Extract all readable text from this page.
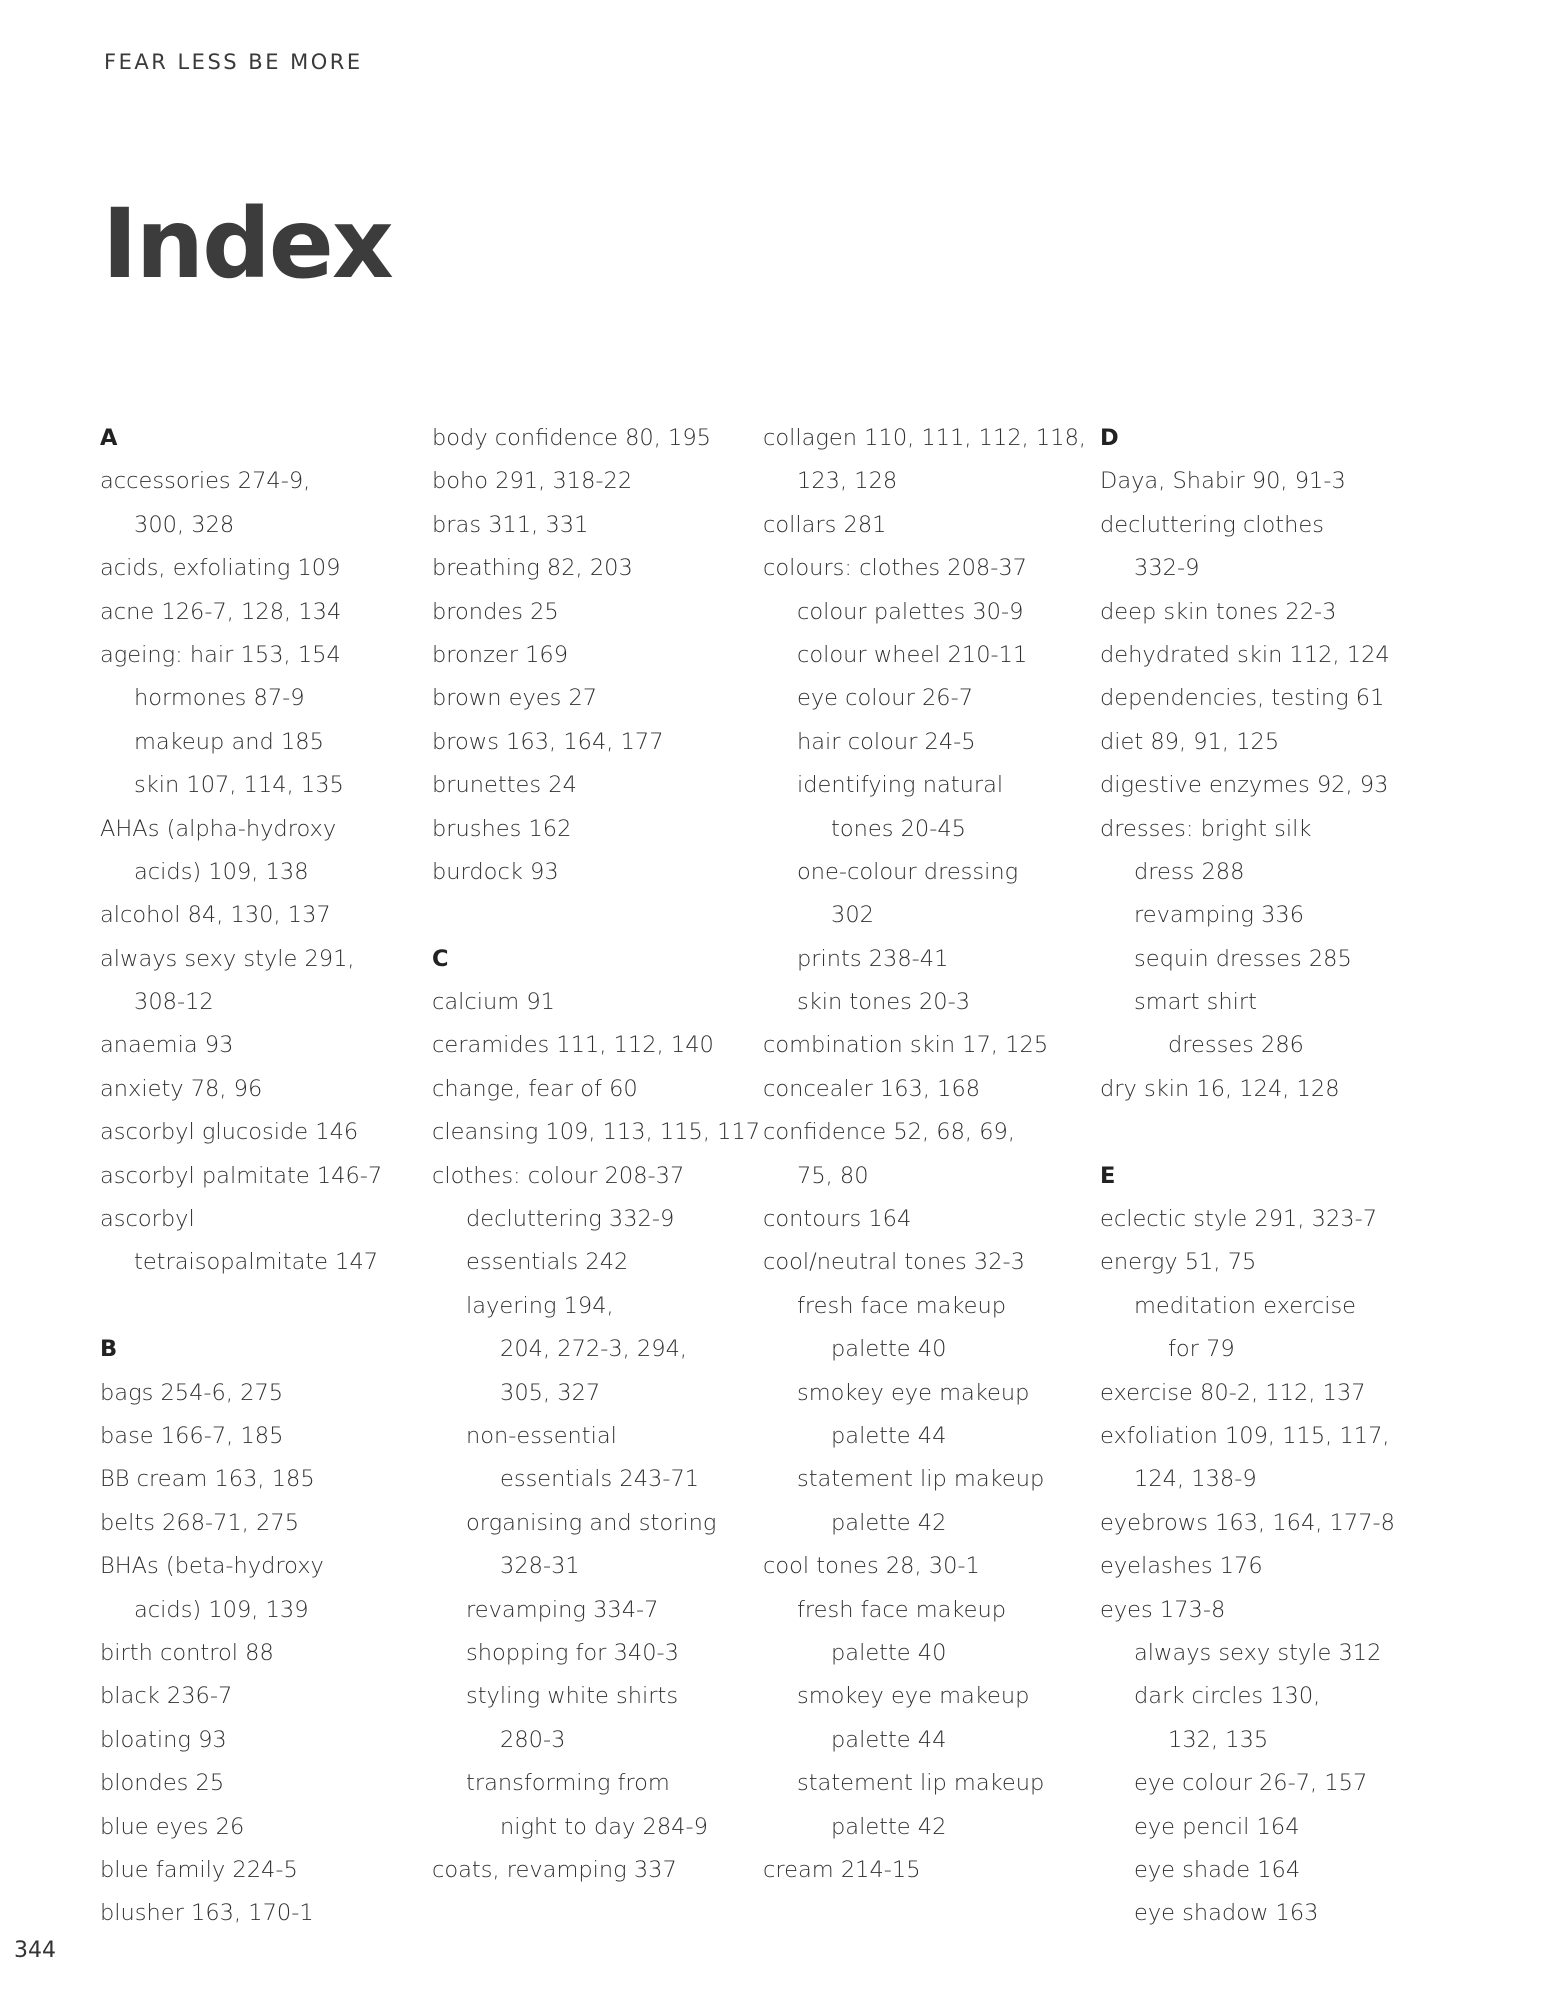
FEAR LESS BE MORE
Index
A
accessories 274-9,
300, 328
acids, exfoliating 109
acne 126-7, 128, 134
ageing: hair 153, 154
hormones 87-9
makeup and 185
skin 107, 114, 135
AHAs (alpha-hydroxy
acids) 109, 138
alcohol 84, 130, 137
always sexy style 291,
308-12
anaemia 93
anxiety 78, 96
ascorbyl glucoside 146
ascorbyl palmitate 146-7
ascorbyl
tetraisopalmitate 147
B
bags 254-6, 275
base 166-7, 185
BB cream 163, 185
belts 268-71, 275
BHAs (beta-hydroxy
acids) 109, 139
birth control 88
black 236-7
bloating 93
blondes 25
blue eyes 26
blue family 224-5
blusher 163, 170-1
body confidence 80, 195
boho 291, 318-22
bras 311, 331
breathing 82, 203
brondes 25
bronzer 169
brown eyes 27
brows 163, 164, 177
brunettes 24
brushes 162
burdock 93
C
calcium 91
ceramides 111, 112, 140
change, fear of 60
cleansing 109, 113, 115, 117
clothes: colour 208-37
decluttering 332-9
essentials 242
layering 194,
204, 272-3, 294,
305, 327
non-essential
essentials 243-71
organising and storing
328-31
revamping 334-7
shopping for 340-3
styling white shirts
280-3
transforming from
night to day 284-9
coats, revamping 337
collagen 110, 111, 112, 118,
123, 128
collars 281
colours: clothes 208-37
colour palettes 30-9
colour wheel 210-11
eye colour 26-7
hair colour 24-5
identifying natural
tones 20-45
one-colour dressing
302
prints 238-41
skin tones 20-3
combination skin 17, 125
concealer 163, 168
confidence 52, 68, 69,
75, 80
contours 164
cool/neutral tones 32-3
fresh face makeup
palette 40
smokey eye makeup
palette 44
statement lip makeup
palette 42
cool tones 28, 30-1
fresh face makeup
palette 40
smokey eye makeup
palette 44
statement lip makeup
palette 42
cream 214-15
D
Daya, Shabir 90, 91-3
decluttering clothes
332-9
deep skin tones 22-3
dehydrated skin 112, 124
dependencies, testing 61
diet 89, 91, 125
digestive enzymes 92, 93
dresses: bright silk
dress 288
revamping 336
sequin dresses 285
smart shirt
dresses 286
dry skin 16, 124, 128
E
eclectic style 291, 323-7
energy 51, 75
meditation exercise
for 79
exercise 80-2, 112, 137
exfoliation 109, 115, 117,
124, 138-9
eyebrows 163, 164, 177-8
eyelashes 176
eyes 173-8
always sexy style 312
dark circles 130,
132, 135
eye colour 26-7, 157
eye pencil 164
eye shade 164
eye shadow 163
344
